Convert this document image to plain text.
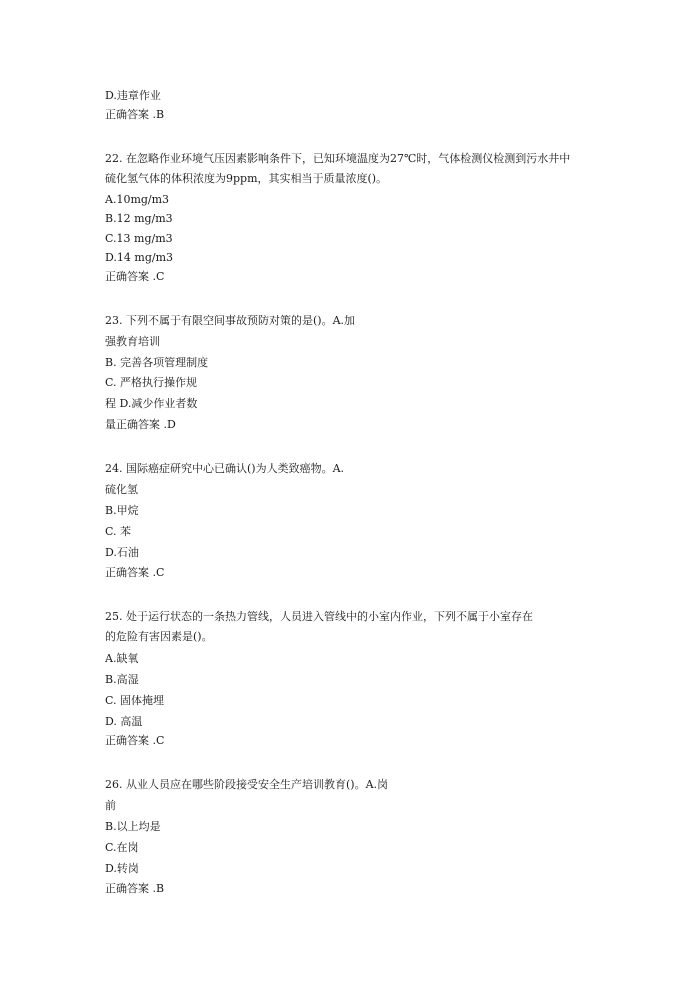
D.违章作业
正确答案 .B
22. 在忽略作业环境气压因素影响条件下，已知环境温度为27℃时，气体检测仪检测到污水井中
硫化氢气体的体积浓度为9ppm，其实相当于质量浓度()。
A.10mg/m3
B.12 mg/m3
C.13 mg/m3
D.14 mg/m3
正确答案 .C
23. 下列不属于有限空间事故预防对策的是()。A.加
强教育培训
B. 完善各项管理制度
C. 严格执行操作规
程 D.减少作业者数
量正确答案 .D
24. 国际癌症研究中心已确认()为人类致癌物。A.
硫化氢
B.甲烷
C. 苯
D.石油
正确答案 .C
25. 处于运行状态的一条热力管线，人员进入管线中的小室内作业，下列不属于小室存在
的危险有害因素是()。
A.缺氧
B.高湿
C. 固体掩埋
D. 高温
正确答案 .C
26. 从业人员应在哪些阶段接受安全生产培训教育()。A.岗
前
B.以上均是
C.在岗
D.转岗
正确答案 .B
